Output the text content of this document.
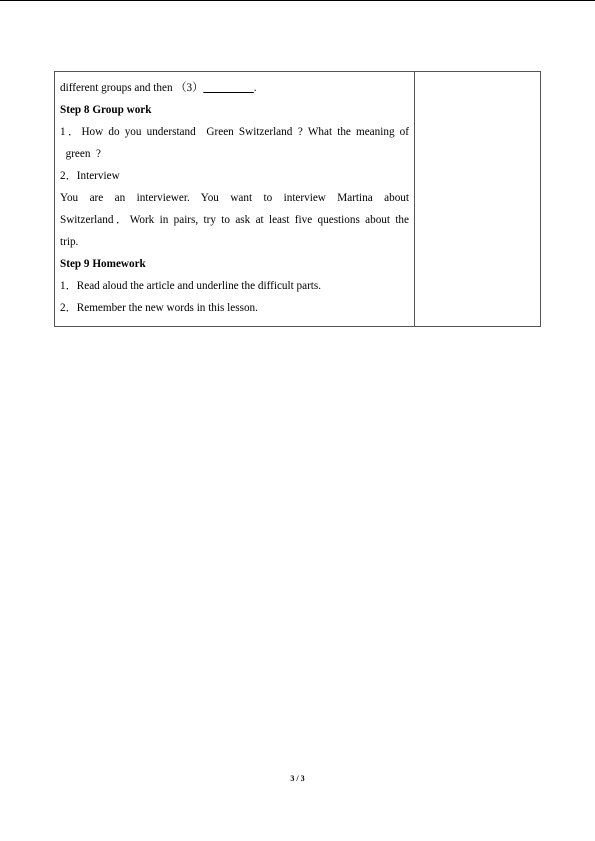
different groups and then （3）_________.
Step 8 Group work
1．How do you understand  Green Switzerland ? What the meaning of
 green ?
2．Interview
You are an interviewer. You want to interview Martina about
Switzerland．Work in pairs, try to ask at least five questions about the
trip.
Step 9 Homework
1．Read aloud the article and underline the difficult parts.
2．Remember the new words in this lesson.
3 / 3
